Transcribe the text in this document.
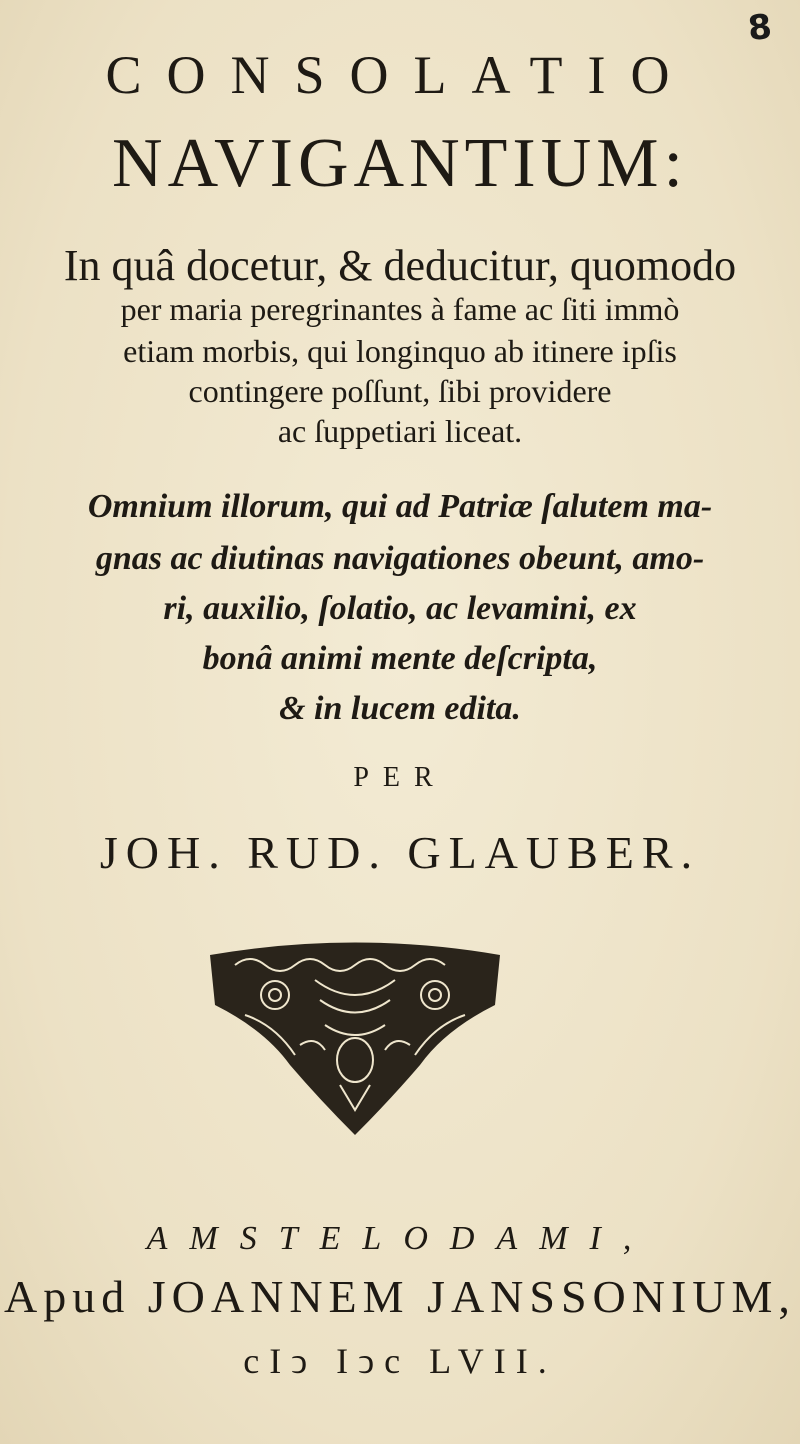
8
CONSOLATIO
NAVIGANTIUM:
In quâ docetur, & deducitur, quomodo
per maria peregrinantes à fame ac ſiti immò
etiam morbis, qui longinquo ab itinere ipſis
contingere poſſunt, ſibi providere
ac ſuppetiari liceat.
Omnium illorum, qui ad Patriæ ſalutem ma-
gnas ac diutinas navigationes obeunt, amo-
ri, auxilio, ſolatio, ac levamini, ex
bonâ animi mente deſcripta,
& in lucem edita.
PER
JOH. RUD. GLAUBER.
AMSTELODAMI,
Apud JOANNEM JANSSONIUM,
cIↄ Iↄc LVII.
